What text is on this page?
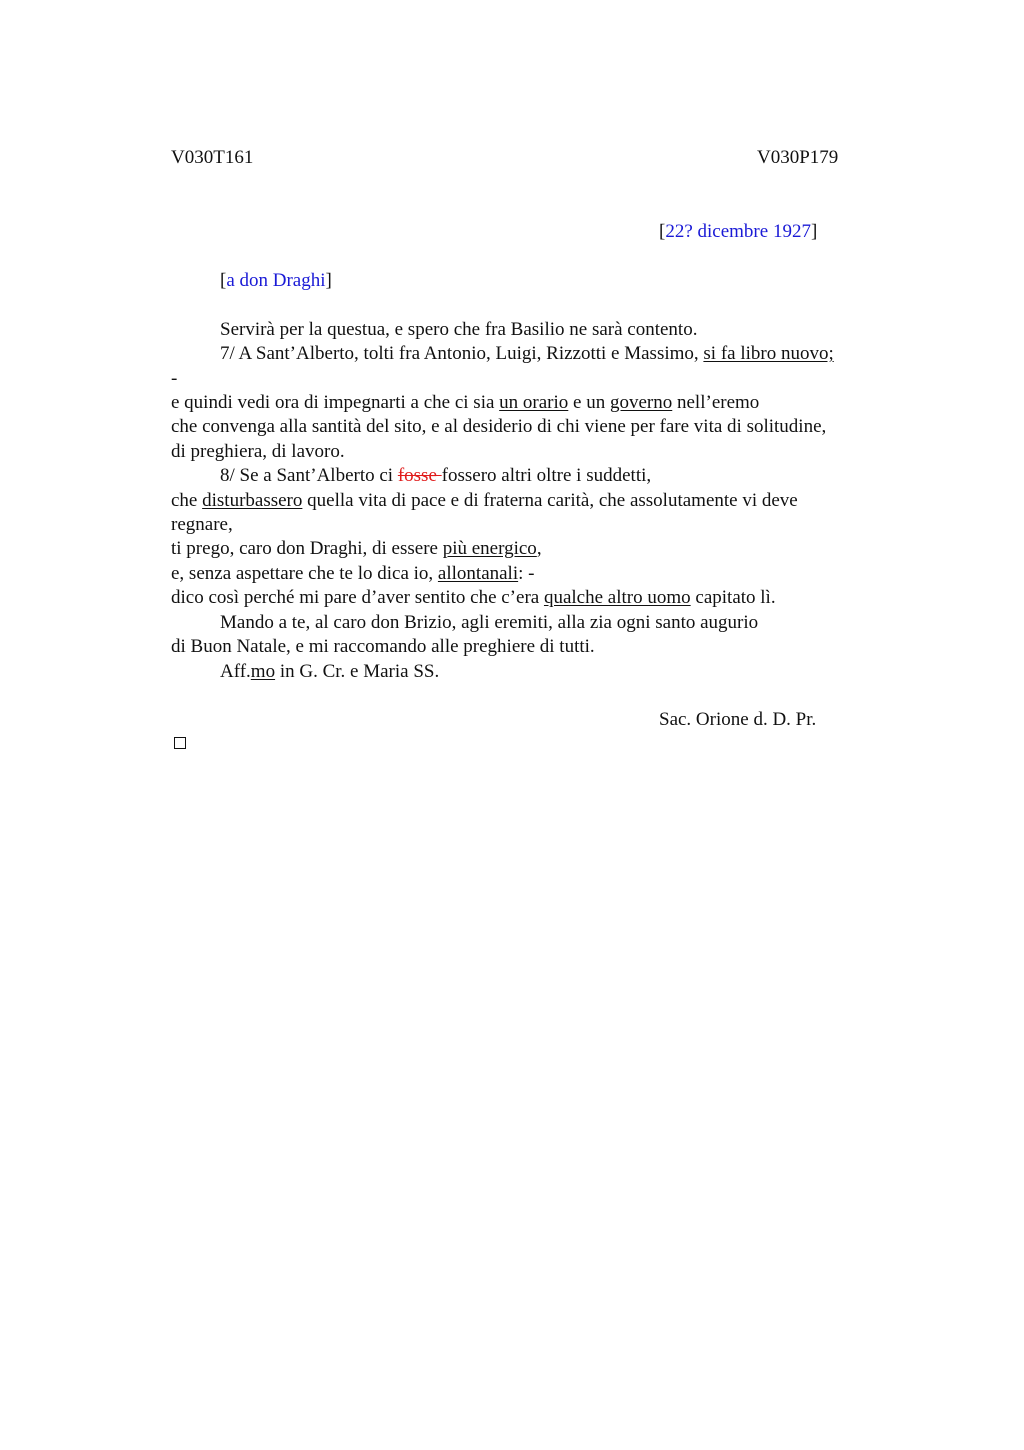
V030T161	V030P179
[22? dicembre 1927]
[a don Draghi]
Servirà per la questua, e spero che fra Basilio ne sarà contento.
7/ A Sant’Alberto, tolti fra Antonio, Luigi, Rizzotti e Massimo, si fa libro nuovo;
-
e quindi vedi ora di impegnarti a che ci sia un orario e un governo nell’eremo
che convenga alla santità del sito, e al desiderio di chi viene per fare vita di solitudine,
di preghiera, di lavoro.
8/ Se a Sant’Alberto ci fosse fossero altri oltre i suddetti,
che disturbassero quella vita di pace e di fraterna carità, che assolutamente vi deve
regnare,
ti prego, caro don Draghi, di essere più energico,
e, senza aspettare che te lo dica io, allontanali: -
dico così perché mi pare d’aver sentito che c’era qualche altro uomo capitato lì.
Mando a te, al caro don Brizio, agli eremiti, alla zia ogni santo augurio
di Buon Natale, e mi raccomando alle preghiere di tutti.
Aff.mo in G. Cr. e Maria SS.
Sac. Orione d. D. Pr.
